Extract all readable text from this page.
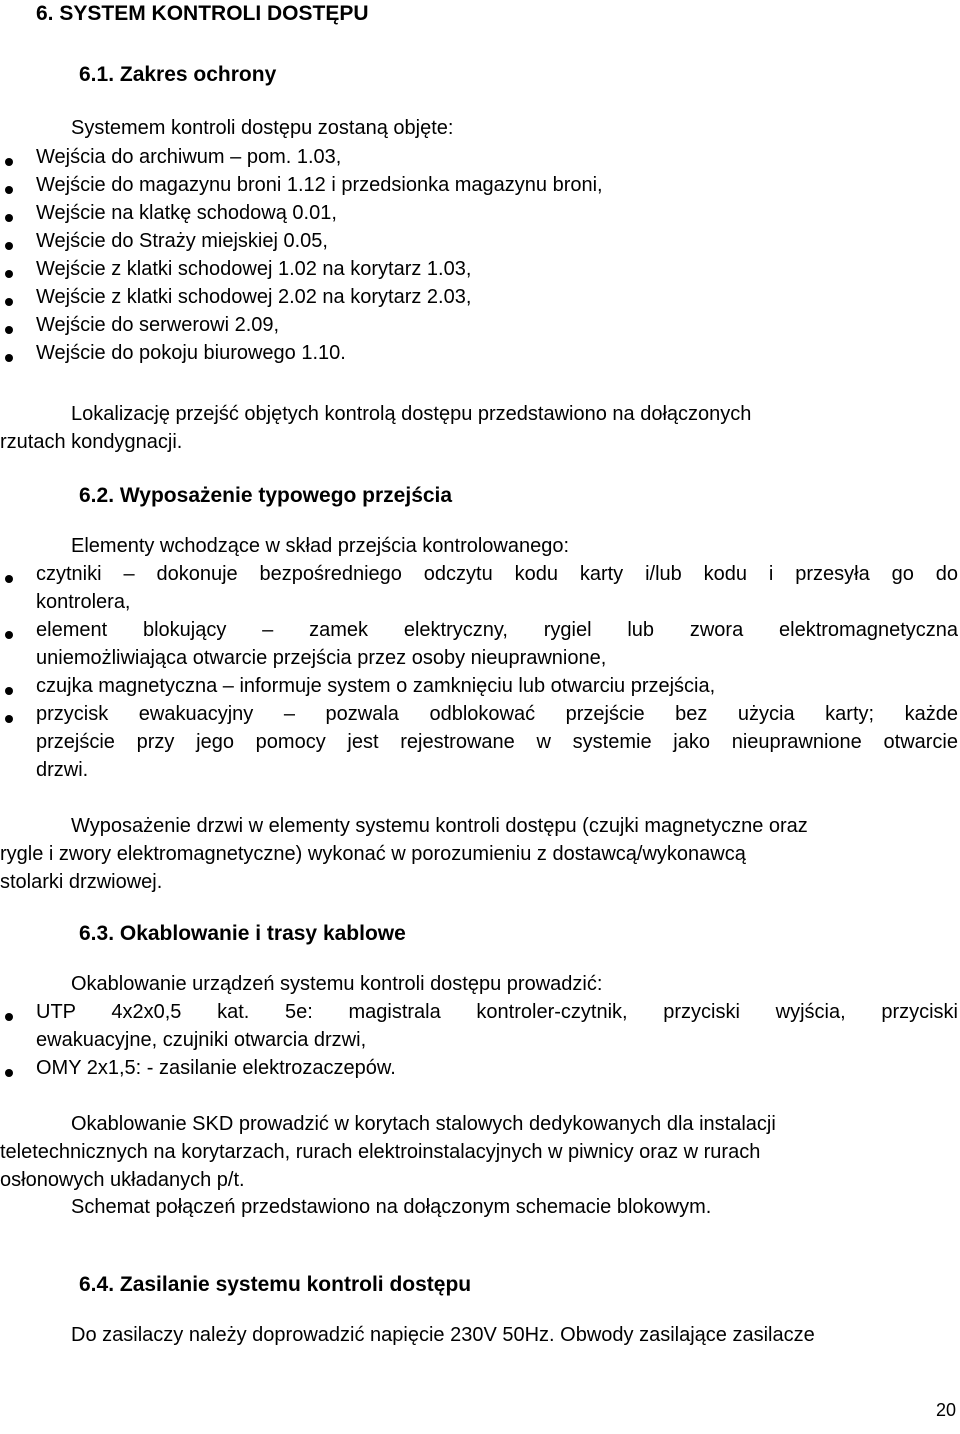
6. SYSTEM KONTROLI DOSTĘPU
6.1. Zakres ochrony
Systemem kontroli dostępu zostaną objęte:
Wejścia do archiwum – pom. 1.03,
Wejście do magazynu broni 1.12 i przedsionka magazynu broni,
Wejście na klatkę schodową 0.01,
Wejście do Straży miejskiej 0.05,
Wejście z klatki schodowej 1.02 na korytarz 1.03,
Wejście z klatki schodowej 2.02 na korytarz 2.03,
Wejście do serwerowi 2.09,
Wejście do pokoju biurowego 1.10.
Lokalizację przejść objętych kontrolą dostępu przedstawiono na dołączonych
rzutach kondygnacji.
6.2. Wyposażenie typowego przejścia
Elementy wchodzące w skład przejścia kontrolowanego:
czytniki – dokonuje bezpośredniego odczytu kodu karty i/lub kodu i przesyła go do
kontrolera,
element blokujący – zamek elektryczny, rygiel lub zwora elektromagnetyczna
uniemożliwiająca otwarcie przejścia przez osoby nieuprawnione,
czujka magnetyczna – informuje system o zamknięciu lub otwarciu przejścia,
przycisk ewakuacyjny – pozwala odblokować przejście bez użycia karty; każde
przejście przy jego pomocy jest rejestrowane w systemie jako nieuprawnione otwarcie
drzwi.
Wyposażenie drzwi w elementy systemu kontroli dostępu (czujki magnetyczne oraz
rygle i zwory elektromagnetyczne) wykonać w porozumieniu z dostawcą/wykonawcą
stolarki drzwiowej.
6.3. Okablowanie i trasy kablowe
Okablowanie urządzeń systemu kontroli dostępu prowadzić:
UTP 4x2x0,5 kat. 5e: magistrala kontroler-czytnik, przyciski wyjścia, przyciski
ewakuacyjne, czujniki otwarcia drzwi,
OMY 2x1,5: - zasilanie elektrozaczepów.
Okablowanie SKD prowadzić w korytach stalowych dedykowanych dla instalacji
teletechnicznych na korytarzach, rurach elektroinstalacyjnych w piwnicy oraz w rurach
osłonowych układanych p/t.
Schemat połączeń przedstawiono na dołączonym schemacie blokowym.
6.4. Zasilanie systemu kontroli dostępu
Do zasilaczy należy doprowadzić napięcie 230V 50Hz. Obwody zasilające zasilacze
20
